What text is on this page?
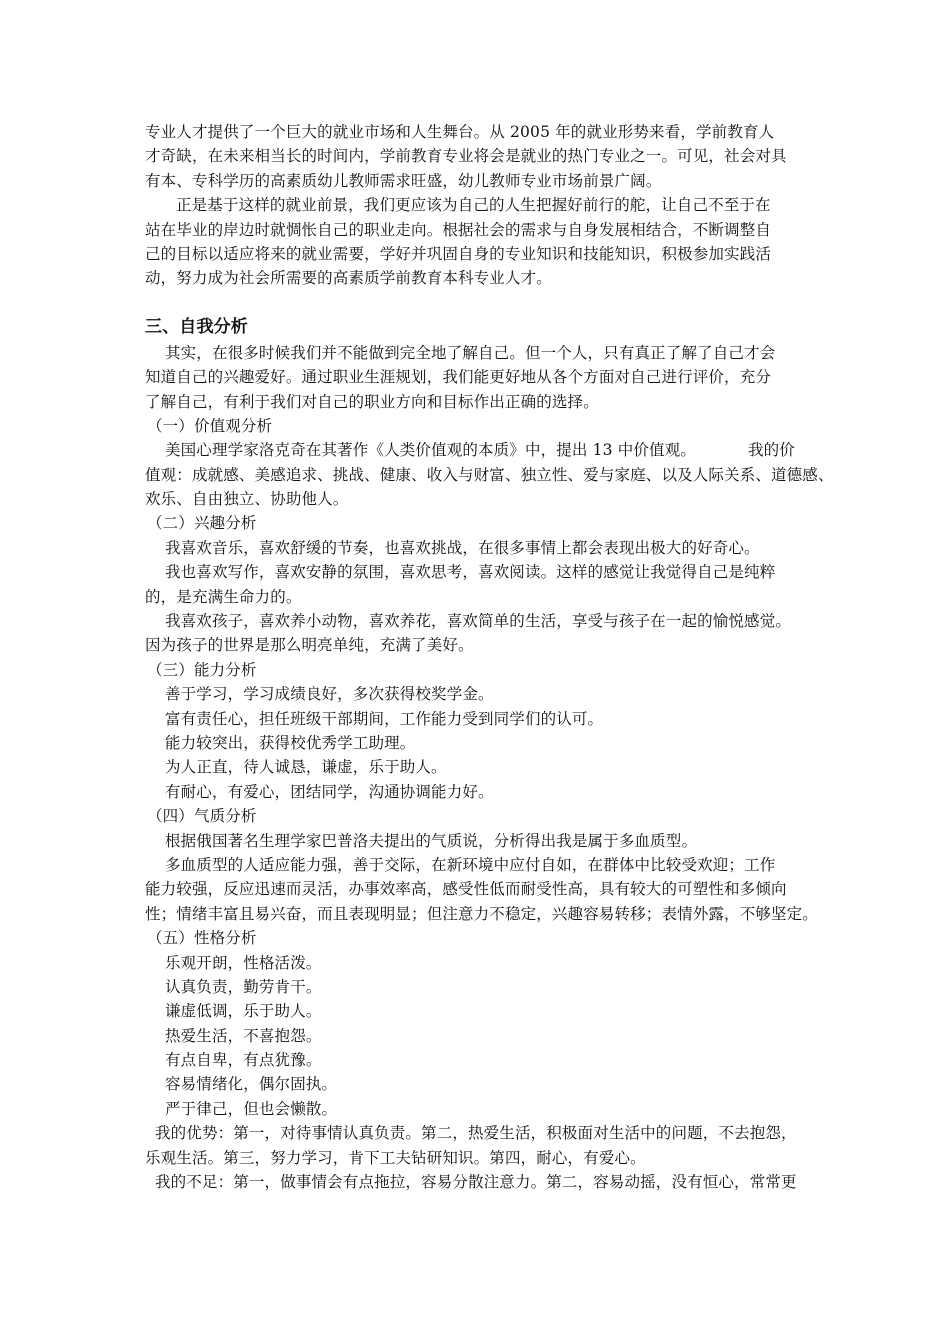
专业人才提供了一个巨大的就业市场和人生舞台。从 2005 年的就业形势来看，学前教育人
才奇缺，在未来相当长的时间内，学前教育专业将会是就业的热门专业之一。可见，社会对具
有本、专科学历的高素质幼儿教师需求旺盛，幼儿教师专业市场前景广阔。
正是基于这样的就业前景，我们更应该为自己的人生把握好前行的舵，让自己不至于在
站在毕业的岸边时就惆怅自己的职业走向。根据社会的需求与自身发展相结合，不断调整自
己的目标以适应将来的就业需要，学好并巩固自身的专业知识和技能知识，积极参加实践活
动，努力成为社会所需要的高素质学前教育本科专业人才。
三、自我分析
其实，在很多时候我们并不能做到完全地了解自己。但一个人，只有真正了解了自己才会
知道自己的兴趣爱好。通过职业生涯规划，我们能更好地从各个方面对自己进行评价，充分
了解自己，有利于我们对自己的职业方向和目标作出正确的选择。
（一）价值观分析
美国心理学家洛克奇在其著作《人类价值观的本质》中，提出 13 中价值观。	我的价
值观：成就感、美感追求、挑战、健康、收入与财富、独立性、爱与家庭、以及人际关系、道德感、
欢乐、自由独立、协助他人。
（二）兴趣分析
我喜欢音乐，喜欢舒缓的节奏，也喜欢挑战，在很多事情上都会表现出极大的好奇心。
我也喜欢写作，喜欢安静的氛围，喜欢思考，喜欢阅读。这样的感觉让我觉得自己是纯粹
的，是充满生命力的。
我喜欢孩子，喜欢养小动物，喜欢养花，喜欢简单的生活，享受与孩子在一起的愉悦感觉。
因为孩子的世界是那么明亮单纯，充满了美好。
（三）能力分析
善于学习，学习成绩良好，多次获得校奖学金。
富有责任心，担任班级干部期间，工作能力受到同学们的认可。
能力较突出，获得校优秀学工助理。
为人正直，待人诚恳，谦虚，乐于助人。
有耐心，有爱心，团结同学，沟通协调能力好。
（四）气质分析
根据俄国著名生理学家巴普洛夫提出的气质说，分析得出我是属于多血质型。
多血质型的人适应能力强，善于交际，在新环境中应付自如，在群体中比较受欢迎；工作
能力较强，反应迅速而灵活，办事效率高，感受性低而耐受性高，具有较大的可塑性和多倾向
性；情绪丰富且易兴奋，而且表现明显；但注意力不稳定，兴趣容易转移；表情外露，不够坚定。
（五）性格分析
乐观开朗，性格活泼。
认真负责，勤劳肯干。
谦虚低调，乐于助人。
热爱生活，不喜抱怨。
有点自卑，有点犹豫。
容易情绪化，偶尔固执。
严于律己，但也会懒散。
我的优势：第一，对待事情认真负责。第二，热爱生活，积极面对生活中的问题，不去抱怨，
乐观生活。第三，努力学习，肯下工夫钻研知识。第四，耐心，有爱心。
我的不足：第一，做事情会有点拖拉，容易分散注意力。第二，容易动摇，没有恒心，常常更
